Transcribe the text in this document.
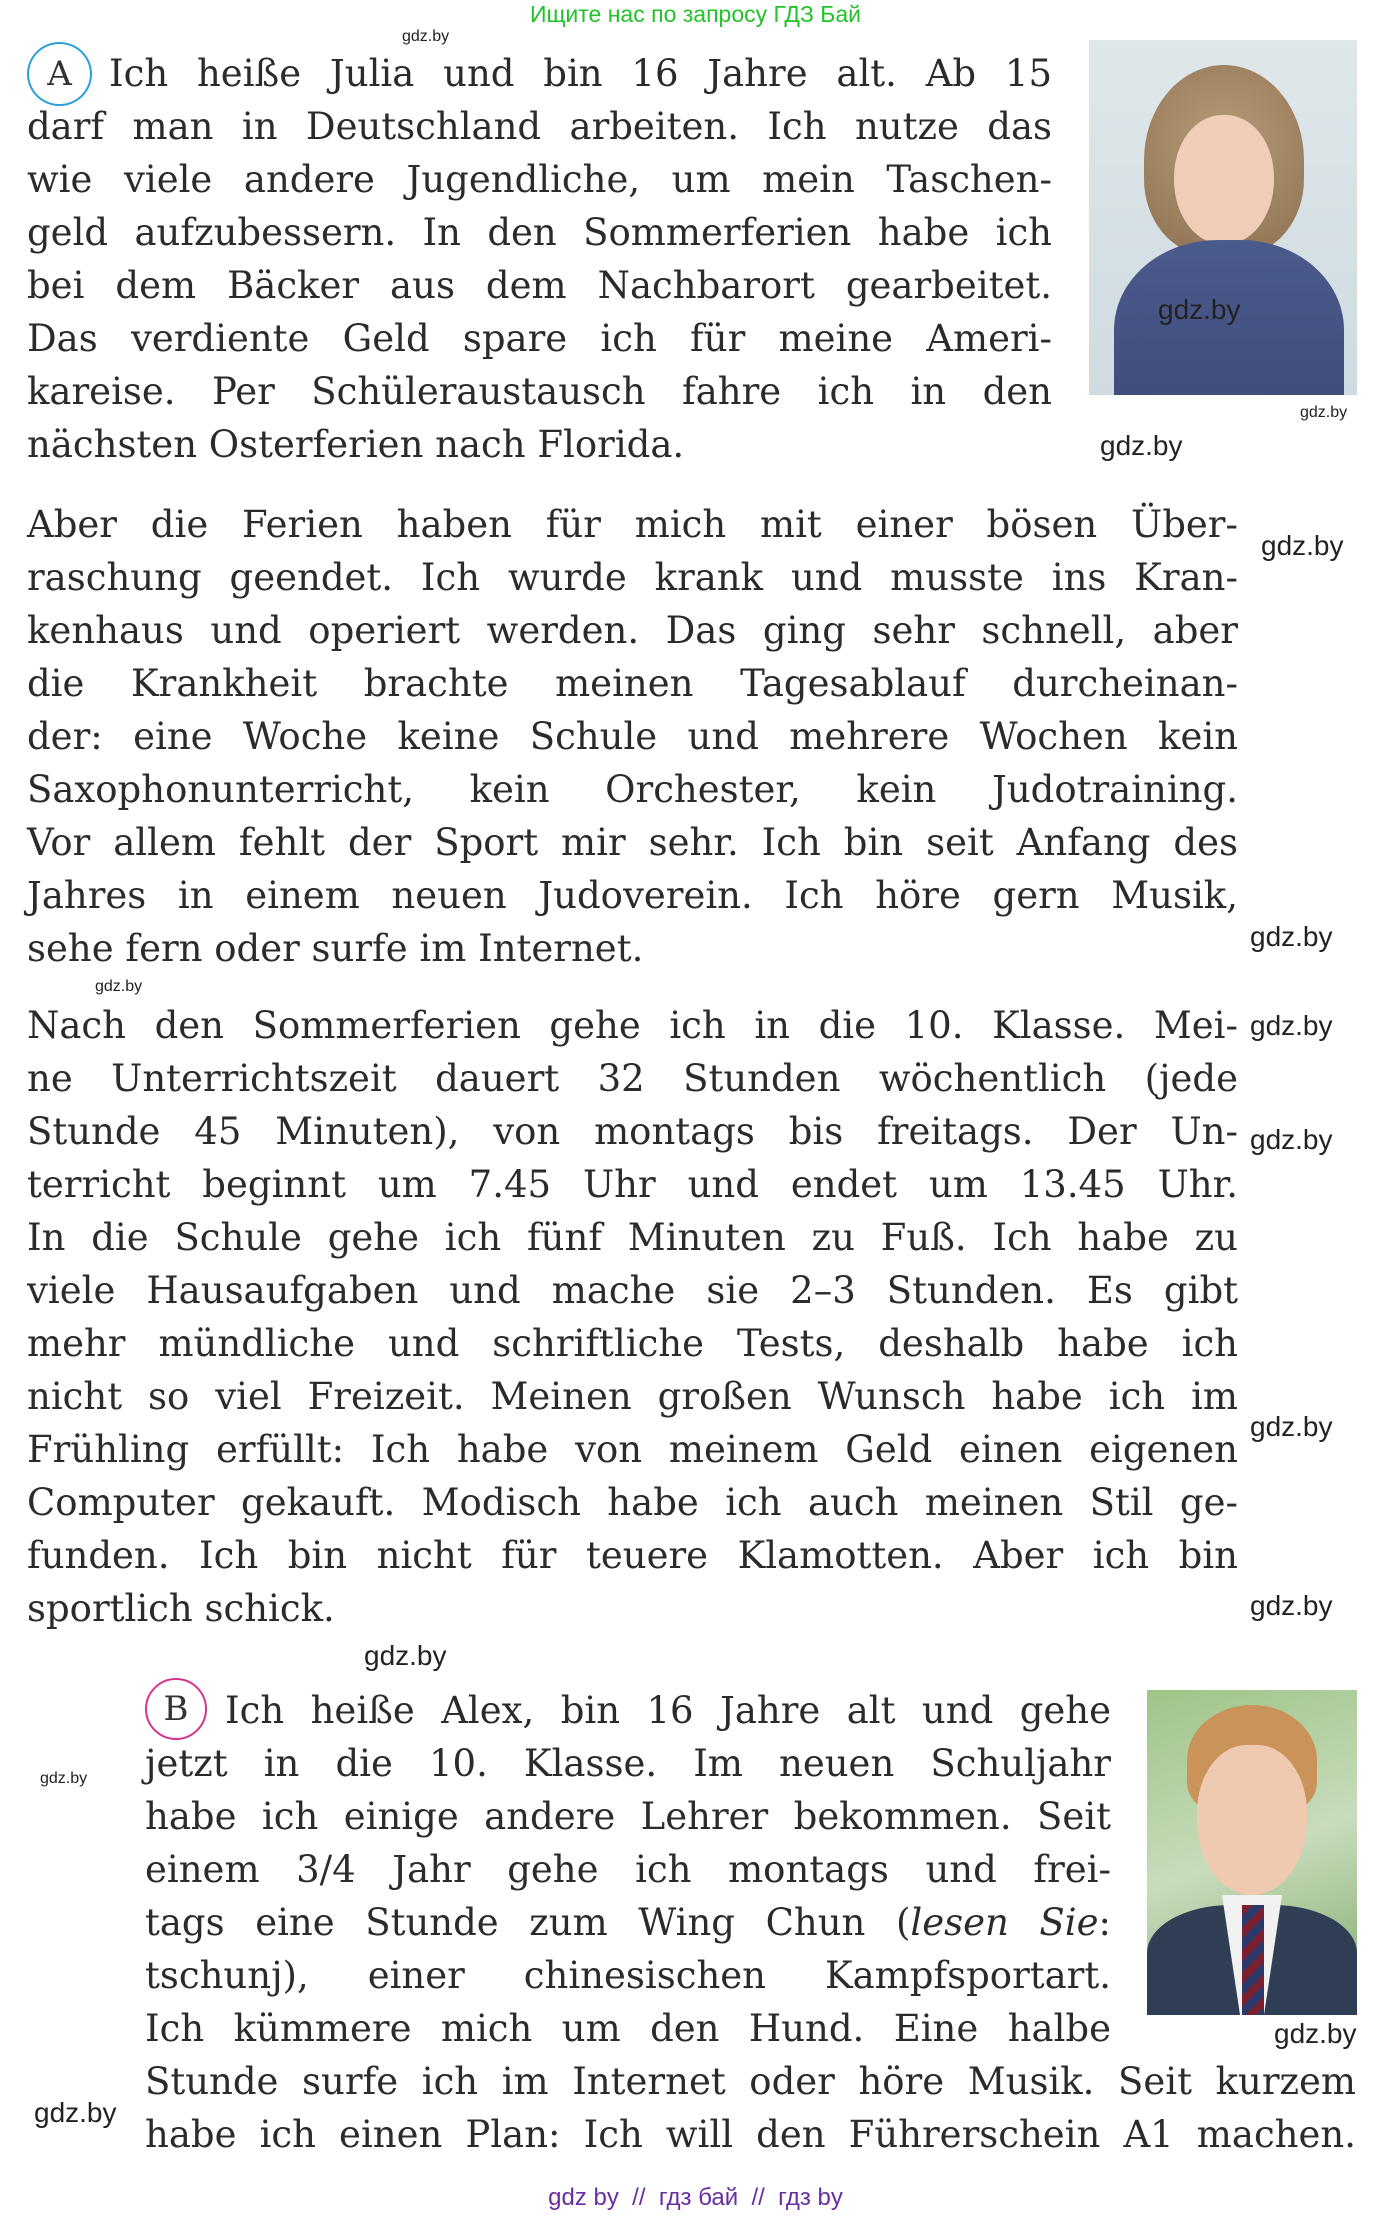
Ищите нас по запросу ГДЗ Бай
A	Ich heiße Julia und bin 16 Jahre alt. Ab 15
darf man in Deutschland arbeiten. Ich nutze das
wie viele andere Jugendliche, um mein Taschen-
geld aufzubessern. In den Sommerferien habe ich
bei dem Bäcker aus dem Nachbarort gearbeitet.
Das verdiente Geld spare ich für meine Ameri-
kareise. Per Schüleraustausch fahre ich in den
nächsten Osterferien nach Florida.
Aber die Ferien haben für mich mit einer bösen Über-
raschung geendet. Ich wurde krank und musste ins Kran-
kenhaus und operiert werden. Das ging sehr schnell, aber
die Krankheit brachte meinen Tagesablauf durcheinan-
der: eine Woche keine Schule und mehrere Wochen kein
Saxophonunterricht, kein Orchester, kein Judotraining.
Vor allem fehlt der Sport mir sehr. Ich bin seit Anfang des
Jahres in einem neuen Judoverein. Ich höre gern Musik,
sehe fern oder surfe im Internet.
Nach den Sommerferien gehe ich in die 10. Klasse. Mei-
ne Unterrichtszeit dauert 32 Stunden wöchentlich (jede
Stunde 45 Minuten), von montags bis freitags. Der Un-
terricht beginnt um 7.45 Uhr und endet um 13.45 Uhr.
In die Schule gehe ich fünf Minuten zu Fuß. Ich habe zu
viele Hausaufgaben und mache sie 2–3 Stunden. Es gibt
mehr mündliche und schriftliche Tests, deshalb habe ich
nicht so viel Freizeit. Meinen großen Wunsch habe ich im
Frühling erfüllt: Ich habe von meinem Geld einen eigenen
Computer gekauft. Modisch habe ich auch meinen Stil ge-
funden. Ich bin nicht für teuere Klamotten. Aber ich bin
sportlich schick.
B Ich heiße Alex, bin 16 Jahre alt und gehe
jetzt in die 10. Klasse. Im neuen Schuljahr
habe ich einige andere Lehrer bekommen. Seit
einem 3/4 Jahr gehe ich montags und frei-
tags eine Stunde zum Wing Chun (lesen Sie:
tschunj), einer chinesischen Kampfsportart.
Ich kümmere mich um den Hund. Eine halbe
Stunde surfe ich im Internet oder höre Musik. Seit kurzem
habe ich einen Plan: Ich will den Führerschein A1 machen.
gdz.by
gdz.by
gdz.by
gdz.by
gdz.by
gdz.by
gdz.by
gdz.by
gdz.by
gdz.by
gdz.by
gdz.by
gdz.by
gdz.by
gdz.by
gdz by  //  гдз бай  //  гдз by
